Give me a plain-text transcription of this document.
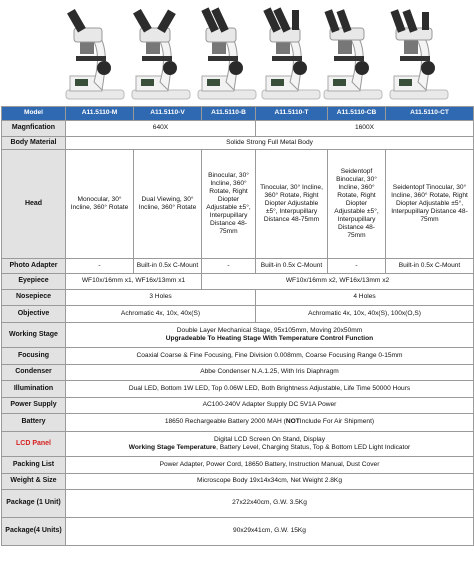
Model	A11.5110-M	A11.5110-V	A11.5110-B	A11.5110-T	A11.5110-CB	A11.5110-CT
Magnfication	640X			1600X		
Body Material	Solide Strong Full Metal Body					
Head	Monocular, 30° Incline, 360° Rotate	Dual Viewing, 30° Incline, 360° Rotate	Binocular, 30° Incline, 360° Rotate, Right Diopter Adjustable ±5°, Interpupillary Distance 48-75mm	Tinocular, 30° Incline, 360° Rotate, Right Diopter Adjustable ±5°, Interpupillary Distance 48-75mm	Seidentopf Binocular, 30° Incline, 360° Rotate, Right Diopter Adjustable ±5°, Interpupillary Distance 48-75mm	Seidentopf Tinocular, 30° Incline, 360° Rotate, Right Diopter Adjustable ±5°, Interpupillary Distance 48-75mm
Photo Adapter	-	Built-in 0.5x C-Mount	-	Built-in 0.5x C-Mount	-	Built-in 0.5x C-Mount
Eyepiece	WF10x/16mm x1, WF16x/13mm x1		WF10x/16mm x2, WF16x/13mm x2			
Nosepiece	3 Holes			4 Holes		
Objective	Achromatic 4x, 10x, 40x(S)			Achromatic 4x, 10x, 40x(S), 100x(O,S)		
Working Stage	Double Layer Mechanical Stage, 95x105mm, Moving 20x50mm
Upgradeable To Heating Stage With Temperature Control Function					
Focusing	Coaxial Coarse & Fine Focusing, Fine Division 0.008mm, Coarse Focusing Range 0-15mm					
Condenser	Abbe Condenser N.A.1.25, With Iris Diaphragm					
Illumination	Dual LED, Bottom 1W LED, Top 0.06W LED, Both Brightness Adjustable, Life Time 50000 Hours					
Power Supply	AC100-240V Adapter Supply DC 5V1A Power					
Battery	18650 Rechargeable Battery 2000 MAH (NOTInclude For Air Shipment)					
LCD Panel	Digital LCD Screen On Stand, Display
Working Stage Temperature, Battery Level, Charging Status, Top & Bottom LED Light Indicator					
Packing List	Power Adapter, Power Cord, 18650 Battery, Instruction Manual, Dust Cover					
Weight & Size	Microscope Body 19x14x34cm, Net Weight 2.8Kg					
Package (1 Unit)	27x22x40cm, G.W. 3.5Kg					
Package(4 Units)	90x29x41cm, G.W. 15Kg					
